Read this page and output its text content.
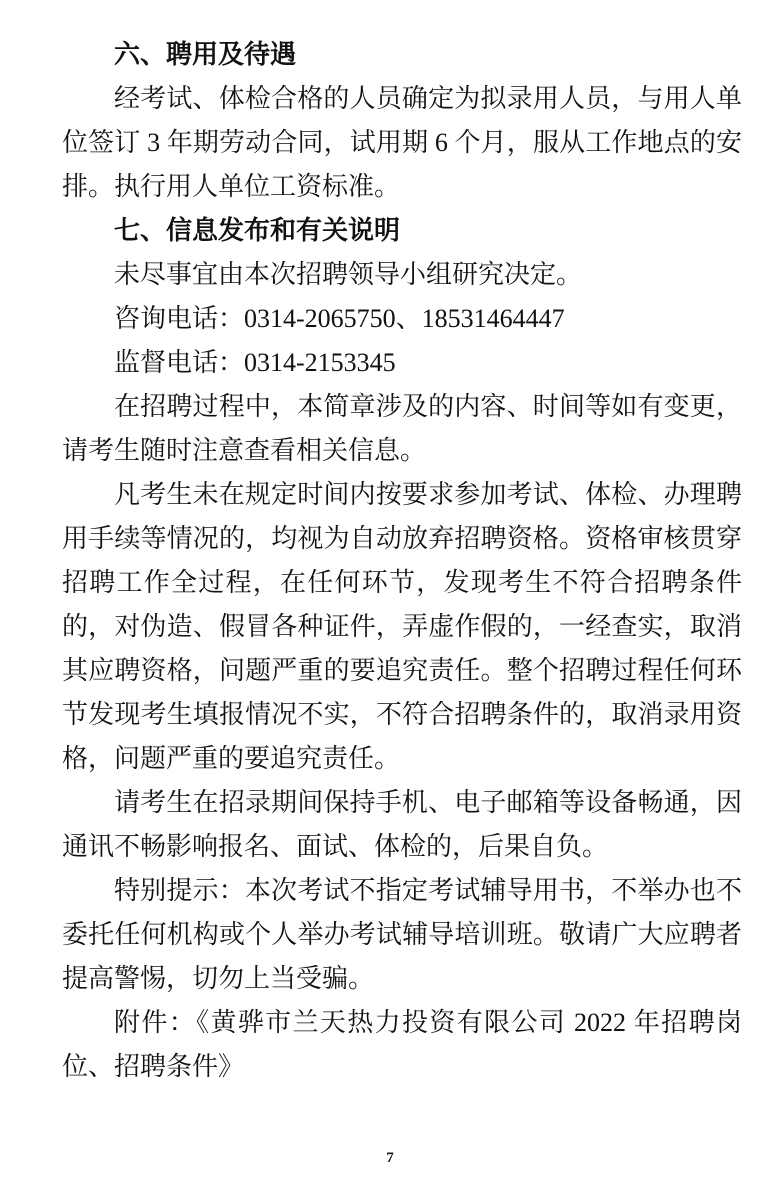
六、聘用及待遇

经考试、体检合格的人员确定为拟录用人员，与用人单位签订 3 年期劳动合同，试用期 6 个月，服从工作地点的安排。执行用人单位工资标准。

七、信息发布和有关说明

未尽事宜由本次招聘领导小组研究决定。

咨询电话：0314-2065750、18531464447

监督电话：0314-2153345

在招聘过程中，本简章涉及的内容、时间等如有变更，请考生随时注意查看相关信息。

凡考生未在规定时间内按要求参加考试、体检、办理聘用手续等情况的，均视为自动放弃招聘资格。资格审核贯穿招聘工作全过程，在任何环节，发现考生不符合招聘条件的，对伪造、假冒各种证件，弄虚作假的，一经查实，取消其应聘资格，问题严重的要追究责任。整个招聘过程任何环节发现考生填报情况不实，不符合招聘条件的，取消录用资格，问题严重的要追究责任。

请考生在招录期间保持手机、电子邮箱等设备畅通，因通讯不畅影响报名、面试、体检的，后果自负。

特别提示：本次考试不指定考试辅导用书，不举办也不委托任何机构或个人举办考试辅导培训班。敬请广大应聘者提高警惕，切勿上当受骗。

附件：《黄骅市兰天热力投资有限公司 2022 年招聘岗位、招聘条件》

7
